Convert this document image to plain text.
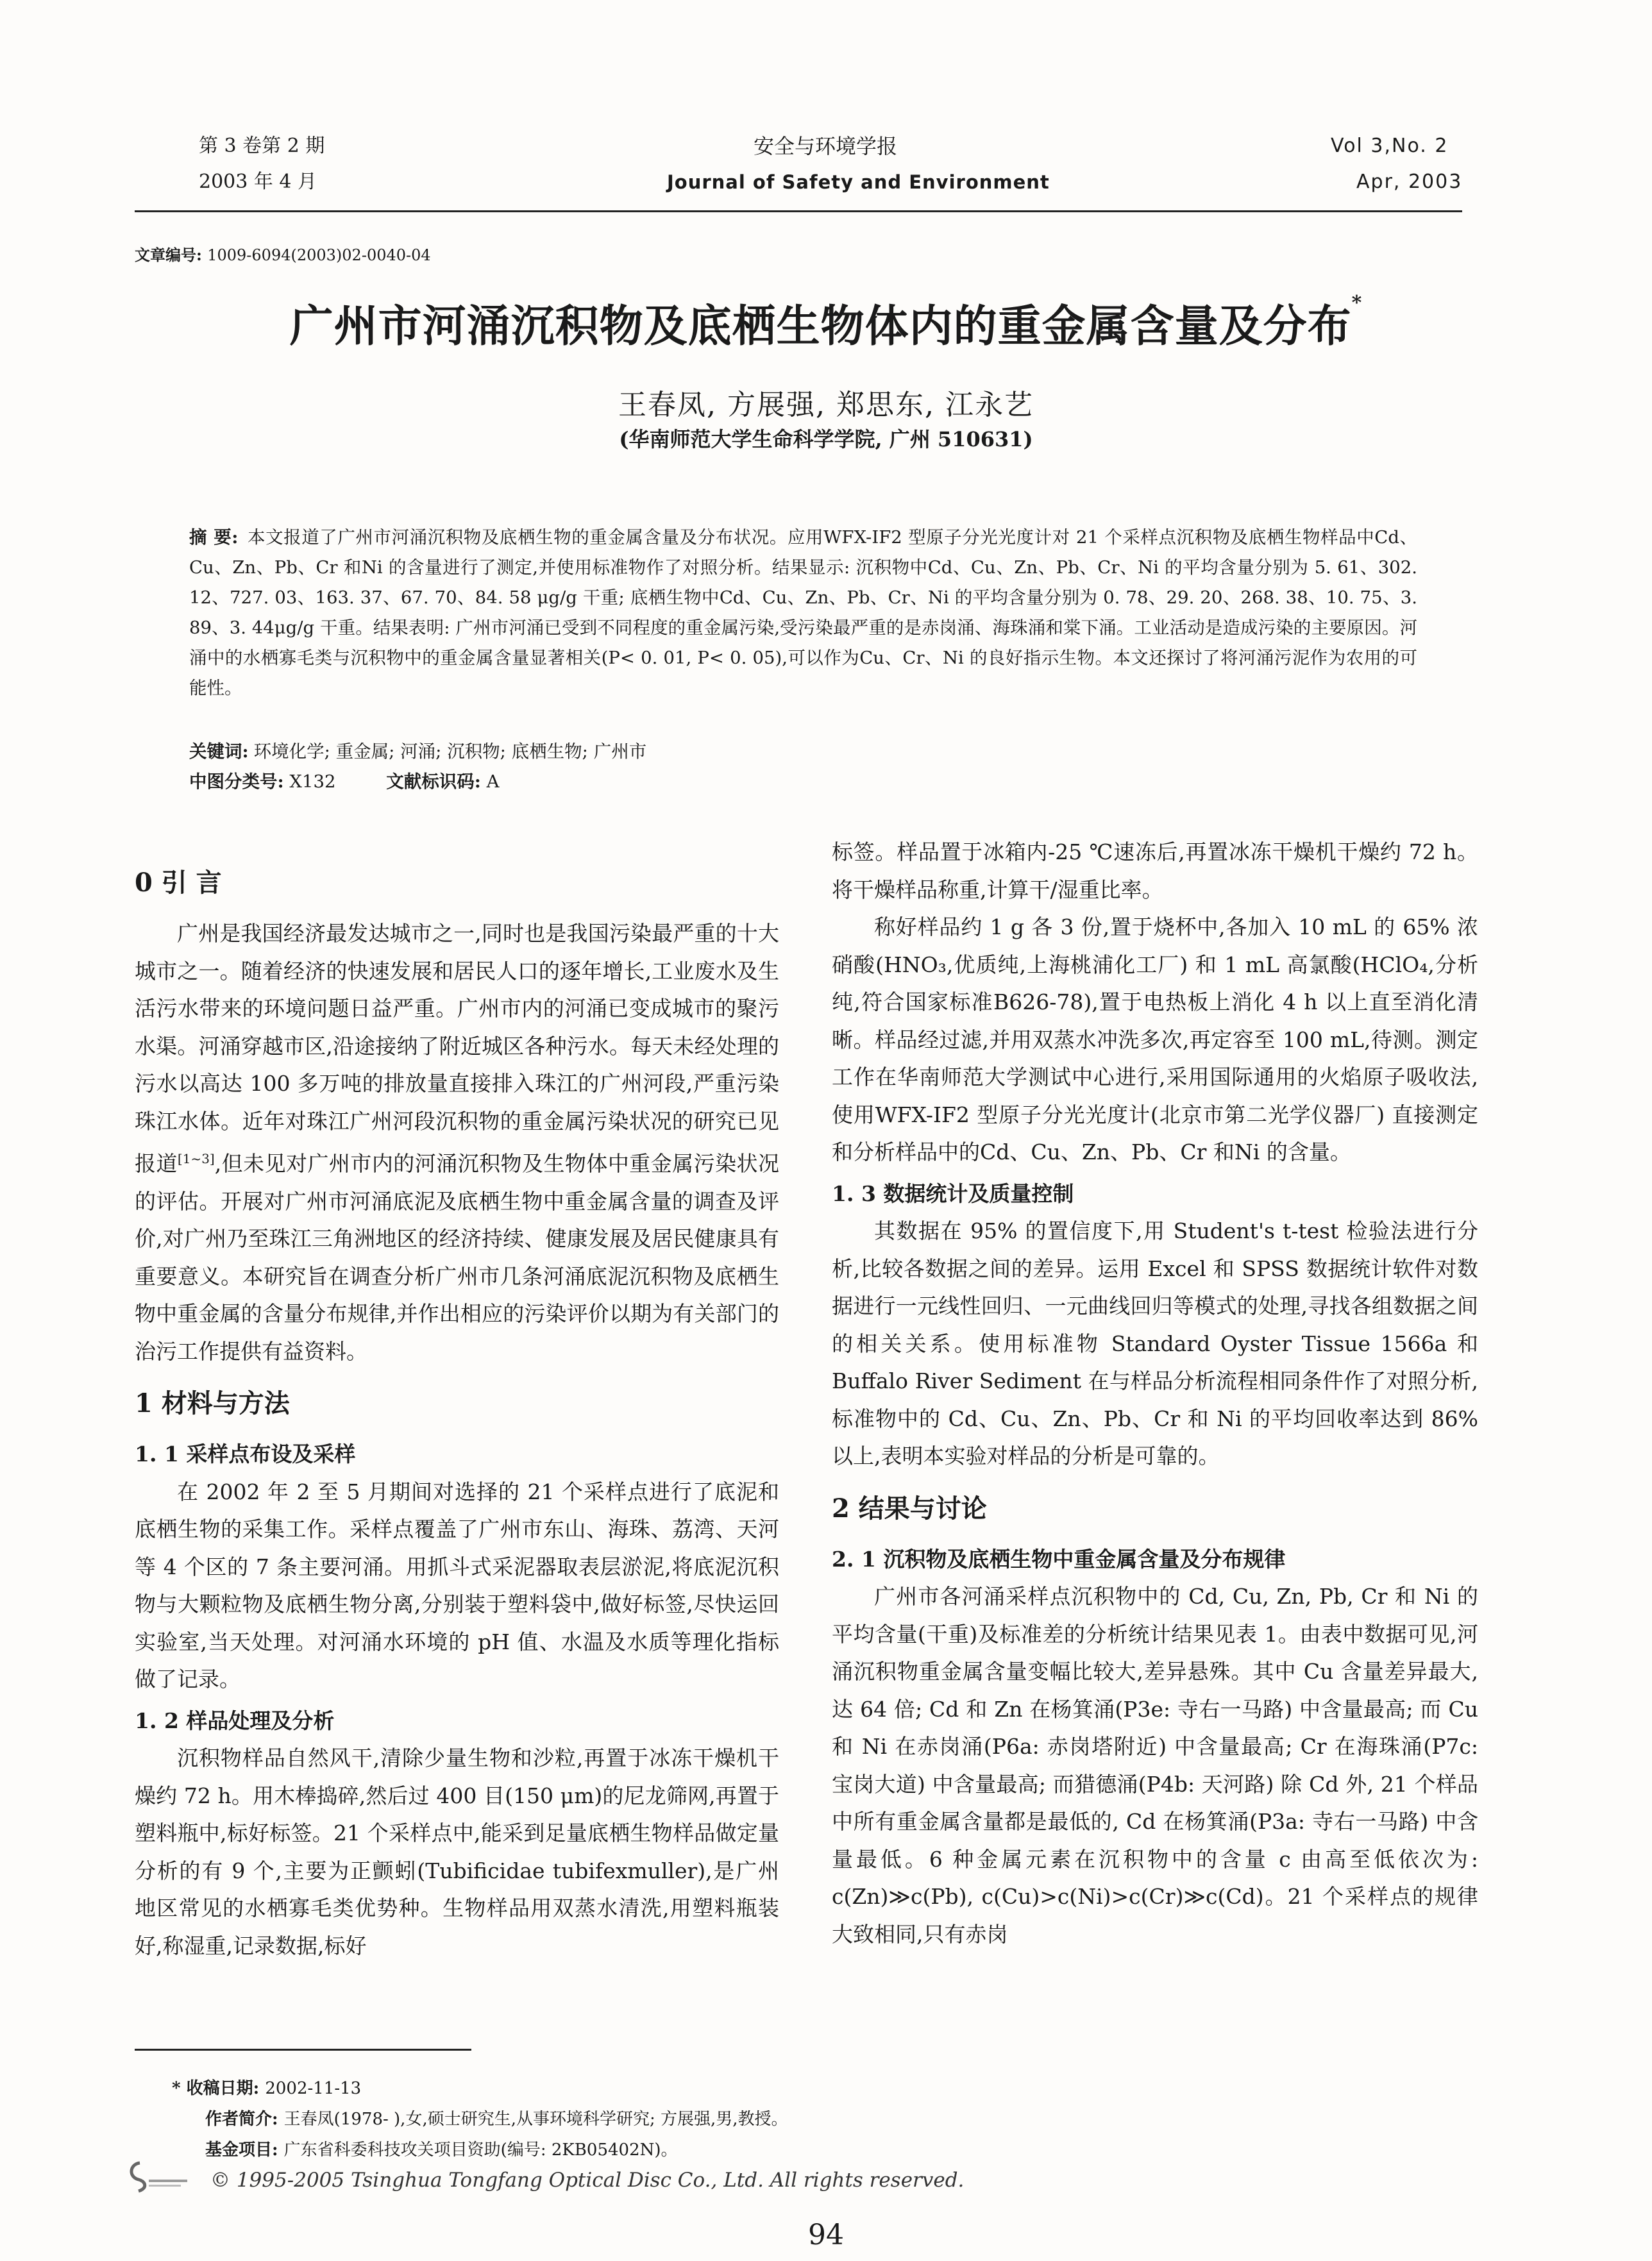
第 3 卷第 2 期
2003 年 4 月
安全与环境学报
Journal of Safety and Environment
Vol 3,No. 2
Apr, 2003
文章编号: 1009-6094(2003)02-0040-04
广州市河涌沉积物及底栖生物体内的重金属含量及分布*
王春凤, 方展强, 郑思东, 江永艺
(华南师范大学生命科学学院, 广州 510631)
摘 要: 本文报道了广州市河涌沉积物及底栖生物的重金属含量及分布状况。应用WFX-IF2 型原子分光光度计对 21 个采样点沉积物及底栖生物样品中Cd、Cu、Zn、Pb、Cr 和Ni 的含量进行了测定,并使用标准物作了对照分析。结果显示: 沉积物中Cd、Cu、Zn、Pb、Cr、Ni 的平均含量分别为 5. 61、302. 12、727. 03、163. 37、67. 70、84. 58 μg/g 干重; 底栖生物中Cd、Cu、Zn、Pb、Cr、Ni 的平均含量分别为 0. 78、29. 20、268. 38、10. 75、3. 89、3. 44μg/g 干重。结果表明: 广州市河涌已受到不同程度的重金属污染,受污染最严重的是赤岗涌、海珠涌和棠下涌。工业活动是造成污染的主要原因。河涌中的水栖寡毛类与沉积物中的重金属含量显著相关(P< 0. 01, P< 0. 05),可以作为Cu、Cr、Ni 的良好指示生物。本文还探讨了将河涌污泥作为农用的可能性。
关键词: 环境化学; 重金属; 河涌; 沉积物; 底栖生物; 广州市
中图分类号: X132	文献标识码: A
0 引 言

广州是我国经济最发达城市之一,同时也是我国污染最严重的十大城市之一。随着经济的快速发展和居民人口的逐年增长,工业废水及生活污水带来的环境问题日益严重。广州市内的河涌已变成城市的聚污水渠。河涌穿越市区,沿途接纳了附近城区各种污水。每天未经处理的污水以高达 100 多万吨的排放量直接排入珠江的广州河段,严重污染珠江水体。近年对珠江广州河段沉积物的重金属污染状况的研究已见报道[1~3],但未见对广州市内的河涌沉积物及生物体中重金属污染状况的评估。开展对广州市河涌底泥及底栖生物中重金属含量的调查及评价,对广州乃至珠江三角洲地区的经济持续、健康发展及居民健康具有重要意义。本研究旨在调查分析广州市几条河涌底泥沉积物及底栖生物中重金属的含量分布规律,并作出相应的污染评价以期为有关部门的治污工作提供有益资料。

1 材料与方法
1. 1 采样点布设及采样

在 2002 年 2 至 5 月期间对选择的 21 个采样点进行了底泥和底栖生物的采集工作。采样点覆盖了广州市东山、海珠、荔湾、天河等 4 个区的 7 条主要河涌。用抓斗式采泥器取表层淤泥,将底泥沉积物与大颗粒物及底栖生物分离,分别装于塑料袋中,做好标签,尽快运回实验室,当天处理。对河涌水环境的 pH 值、水温及水质等理化指标做了记录。

1. 2 样品处理及分析

沉积物样品自然风干,清除少量生物和沙粒,再置于冰冻干燥机干燥约 72 h。用木棒捣碎,然后过 400 目(150 μm)的尼龙筛网,再置于塑料瓶中,标好标签。21 个采样点中,能采到足量底栖生物样品做定量分析的有 9 个,主要为正颤蚓(Tubificidae tubifexmuller),是广州地区常见的水栖寡毛类优势种。生物样品用双蒸水清洗,用塑料瓶装好,称湿重,记录数据,标好

标签。样品置于冰箱内-25 ℃速冻后,再置冰冻干燥机干燥约 72 h。将干燥样品称重,计算干/湿重比率。

称好样品约 1 g 各 3 份,置于烧杯中,各加入 10 mL 的 65% 浓硝酸(HNO₃,优质纯,上海桃浦化工厂) 和 1 mL 高氯酸(HClO₄,分析纯,符合国家标准B626-78),置于电热板上消化 4 h 以上直至消化清晰。样品经过滤,并用双蒸水冲洗多次,再定容至 100 mL,待测。测定工作在华南师范大学测试中心进行,采用国际通用的火焰原子吸收法,使用WFX-IF2 型原子分光光度计(北京市第二光学仪器厂) 直接测定和分析样品中的Cd、Cu、Zn、Pb、Cr 和Ni 的含量。

1. 3 数据统计及质量控制

其数据在 95% 的置信度下,用 Student's t-test 检验法进行分析,比较各数据之间的差异。运用 Excel 和 SPSS 数据统计软件对数据进行一元线性回归、一元曲线回归等模式的处理,寻找各组数据之间的相关关系。使用标准物 Standard Oyster Tissue 1566a 和 Buffalo River Sediment 在与样品分析流程相同条件作了对照分析,标准物中的 Cd、Cu、Zn、Pb、Cr 和 Ni 的平均回收率达到 86% 以上,表明本实验对样品的分析是可靠的。

2 结果与讨论
2. 1 沉积物及底栖生物中重金属含量及分布规律

广州市各河涌采样点沉积物中的 Cd, Cu, Zn, Pb, Cr 和 Ni 的平均含量(干重)及标准差的分析统计结果见表 1。由表中数据可见,河涌沉积物重金属含量变幅比较大,差异悬殊。其中 Cu 含量差异最大,达 64 倍; Cd 和 Zn 在杨箕涌(P3e: 寺右一马路) 中含量最高; 而 Cu 和 Ni 在赤岗涌(P6a: 赤岗塔附近) 中含量最高; Cr 在海珠涌(P7c: 宝岗大道) 中含量最高; 而猎德涌(P4b: 天河路) 除 Cd 外, 21 个样品中所有重金属含量都是最低的, Cd 在杨箕涌(P3a: 寺右一马路) 中含量最低。6 种金属元素在沉积物中的含量 c 由高至低依次为: c(Zn)≫c(Pb), c(Cu)>c(Ni)>c(Cr)≫c(Cd)。21 个采样点的规律大致相同,只有赤岗

* 收稿日期: 2002-11-13
作者简介: 王春凤(1978- ),女,硕士研究生,从事环境科学研究; 方展强,男,教授。
基金项目: 广东省科委科技攻关项目资助(编号: 2KB05402N)。
© 1995-2005 Tsinghua Tongfang Optical Disc Co., Ltd. All rights reserved.
94
